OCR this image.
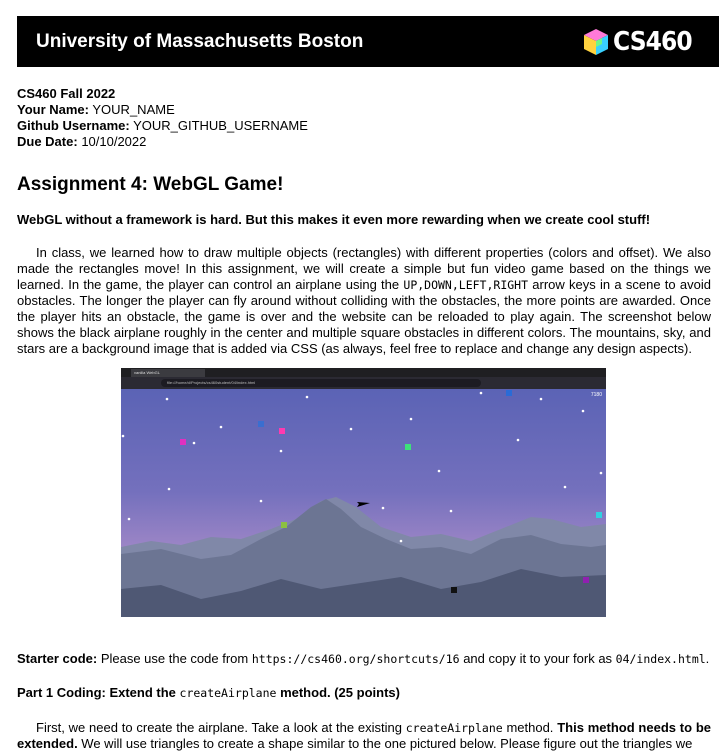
University of Massachusetts Boston	CS460
CS460 Fall 2022
Your Name: YOUR_NAME
Github Username: YOUR_GITHUB_USERNAME
Due Date: 10/10/2022
Assignment 4: WebGL Game!

WebGL without a framework is hard. But this makes it even more rewarding when we create cool stuff!

In class, we learned how to draw multiple objects (rectangles) with different properties (colors and offset). We also made the rectangles move! In this assignment, we will create a simple but fun video game based on the things we learned. In the game, the player can control an airplane using the UP,DOWN,LEFT,RIGHT arrow keys in a scene to avoid obstacles. The longer the player can fly around without colliding with the obstacles, the more points are awarded. Once the player hits an obstacle, the game is over and the website can be reloaded to play again. The screenshot below shows the black airplane roughly in the center and multiple square obstacles in different colors. The mountains, sky, and stars are a background image that is added via CSS (as always, feel free to replace and change any design aspects).

vanilla WebGL
file:///home/d/Projects/cs460student/04/index.html
7180

Starter code: Please use the code from https://cs460.org/shortcuts/16 and copy it to your fork as 04/index.html.

Part 1 Coding: Extend the createAirplane method. (25 points)

First, we need to create the airplane. Take a look at the existing createAirplane method. This method needs to be extended. We will use triangles to create a shape similar to the one pictured below. Please figure out the triangles we
